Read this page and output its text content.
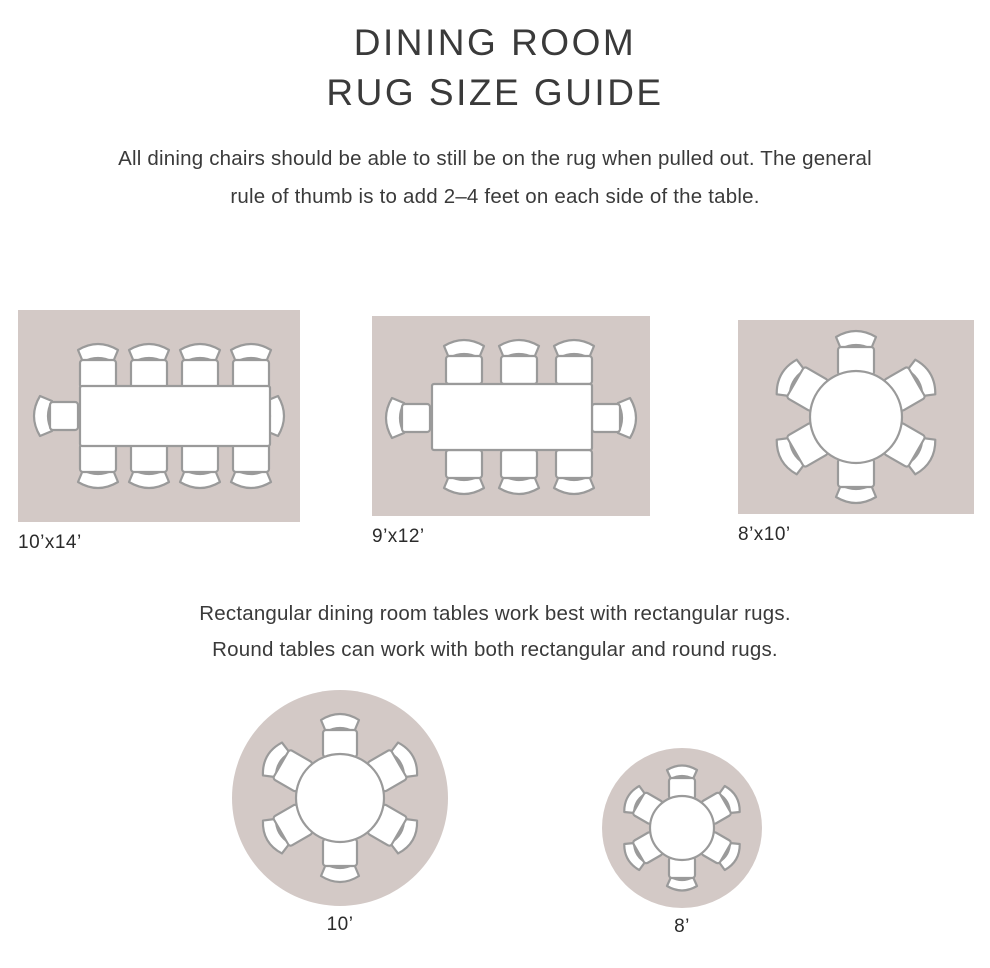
DINING ROOM
RUG SIZE GUIDE
All dining chairs should be able to still be on the rug when pulled out. The general rule of thumb is to add 2–4 feet on each side of the table.
10’x14’	9’x12’	8’x10’
Rectangular dining room tables work best with rectangular rugs.
Round tables can work with both rectangular and round rugs.
10’	8’
